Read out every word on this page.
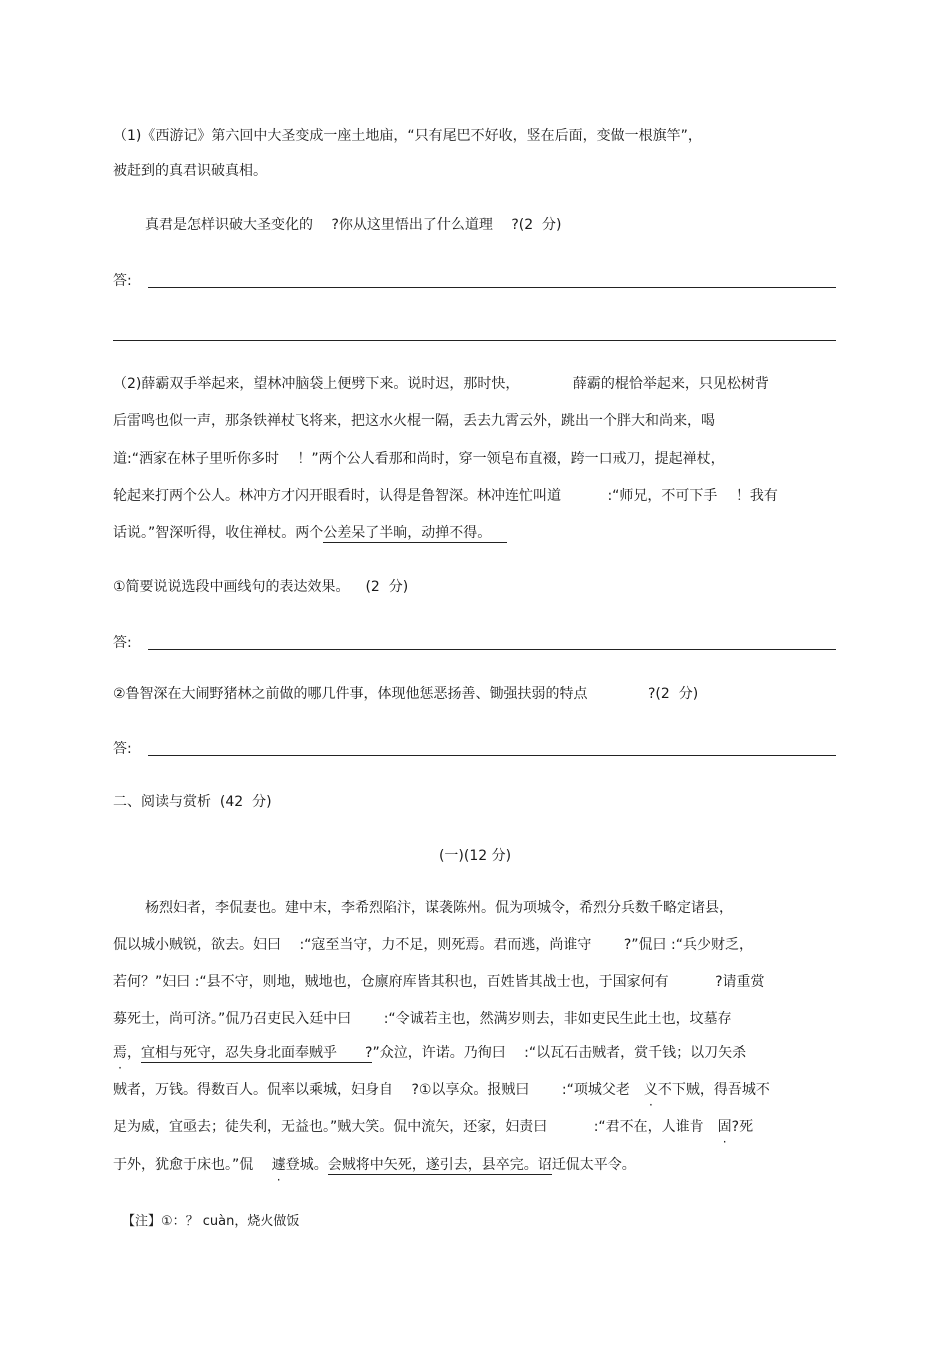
（1)《西游记》第六回中大圣变成一座土地庙，“只有尾巴不好收，竖在后面，变做一根旗竿”，
被赶到的真君识破真相。
真君是怎样识破大圣变化的　 ?你从这里悟出了什么道理　 ?(2  分)
答:
（2)薛霸双手举起来，望林冲脑袋上便劈下来。说时迟，那时快，　　　　 薛霸的棍恰举起来，只见松树背
后雷鸣也似一声，那条铁禅杖飞将来，把这水火棍一隔，丢去九霄云外，跳出一个胖大和尚来，喝
道:“洒家在林子里听你多时　 ！”两个公人看那和尚时，穿一领皂布直裰，跨一口戒刀，提起禅杖，
轮起来打两个公人。林冲方才闪开眼看时，认得是鲁智深。林冲连忙叫道　　　 :“师兄，不可下手　 ！我有
话说。”智深听得，收住禅杖。两个公差呆了半晌，动掸不得。
①简要说说选段中画线句的表达效果。　  (2  分)
答:
②鲁智深在大闹野猪林之前做的哪几件事，体现他惩恶扬善、锄强扶弱的特点　　　　 ?(2  分)
答:
二、阅读与赏析  (42  分)
(一)(12 分)
杨烈妇者，李侃妻也。建中末，李希烈陷汴，谋袭陈州。侃为项城令，希烈分兵数千略定诸县，
侃以城小贼锐，欲去。妇曰　 :“寇至当守，力不足，则死焉。君而逃，尚谁守　　 ?”侃曰 :“兵少财乏，
若何？”妇曰 :“县不守，则地，贼地也，仓廪府库皆其积也，百姓皆其战士也，于国家何有　　　 ?请重赏
募死士，尚可济。”侃乃召吏民入廷中曰　　 :“令诚若主也，然满岁则去，非如吏民生此土也，坟墓存
焉，宜相与死守，忍失身北面奉贼乎　　?”众泣，许诺。乃徇曰　 :“以瓦石击贼者，赏千钱；以刀矢杀
贼者，万钱。得数百人。侃率以乘城，妇身自　 ?①以享众。报贼曰　　 :“项城父老　义不下贼，得吾城不
足为威，宜亟去；徒失利，无益也。”贼大笑。侃中流矢，还家，妇责曰　　　 :“君不在，人谁肯　固?死
于外，犹愈于床也。”侃　 遽登城。会贼将中矢死，遂引去，县卒完。诏迁侃太平令。
【注】①：？ cuàn，烧火做饭
